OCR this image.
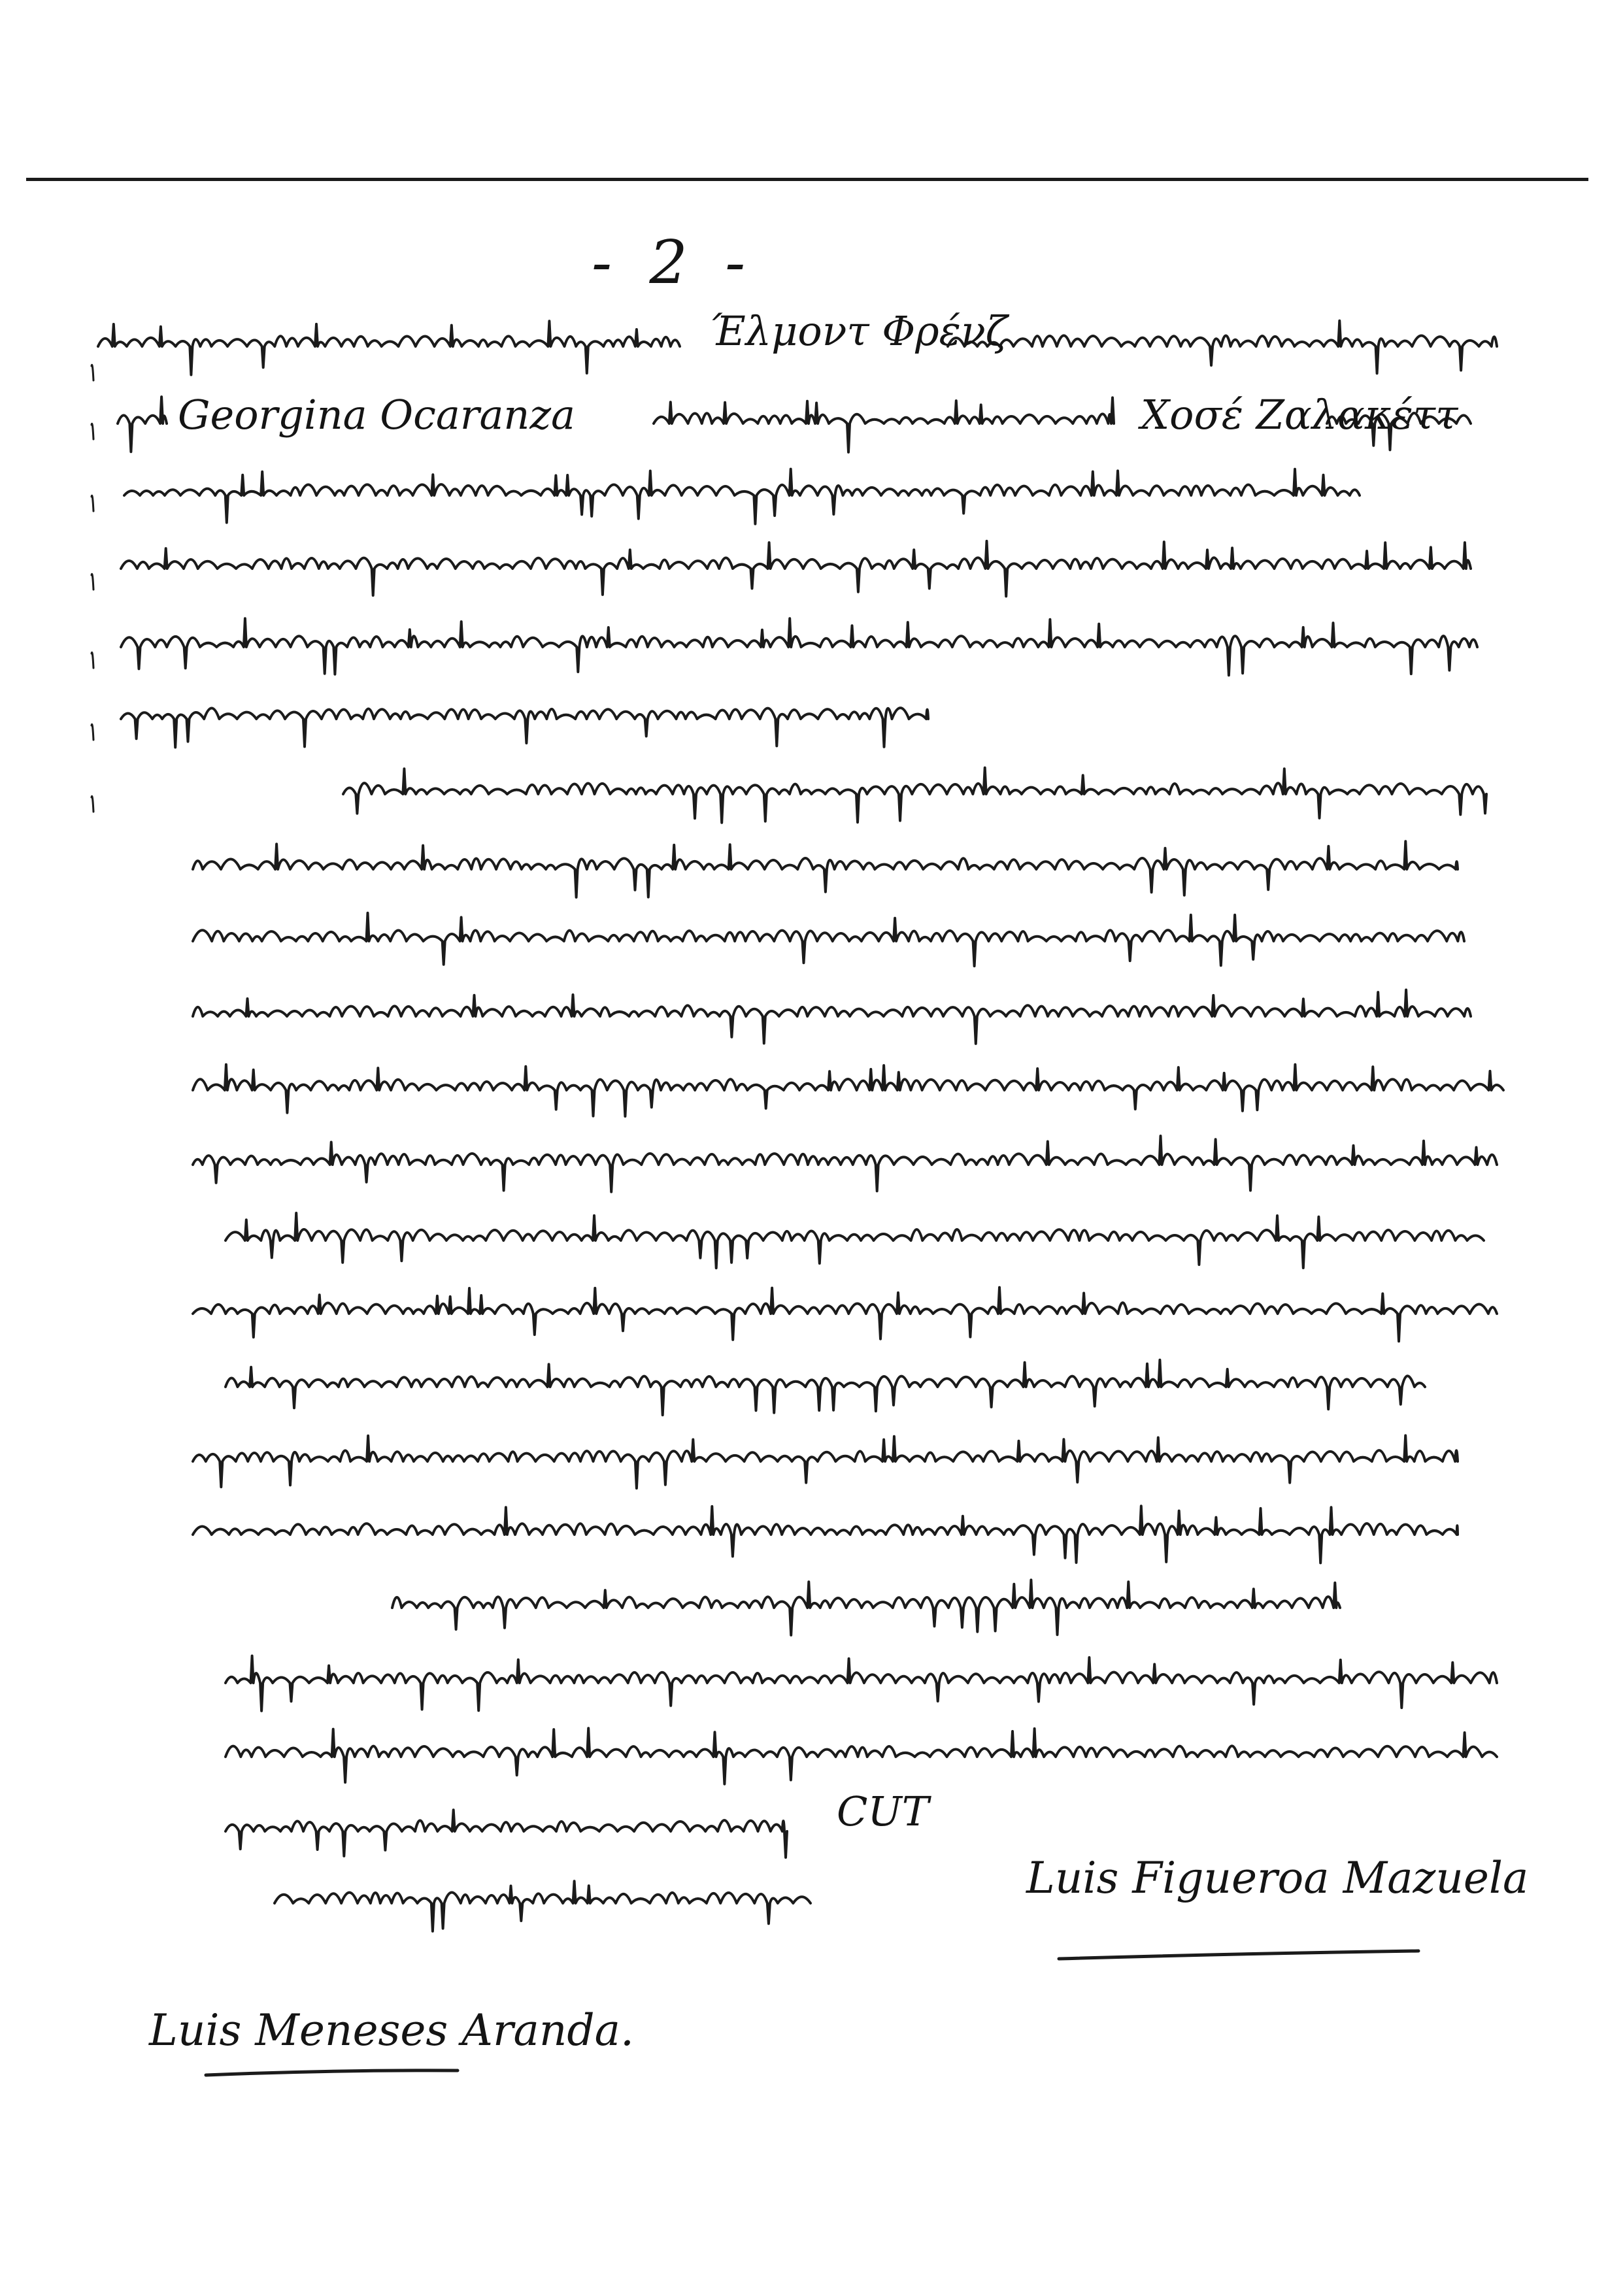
- 2 -
Έλμοντ Φρένζ
Georgina Ocaranza	Χοσέ Ζαλακέττ
CUT
Luis Figueroa Mazuela
Luis Meneses Aranda.
